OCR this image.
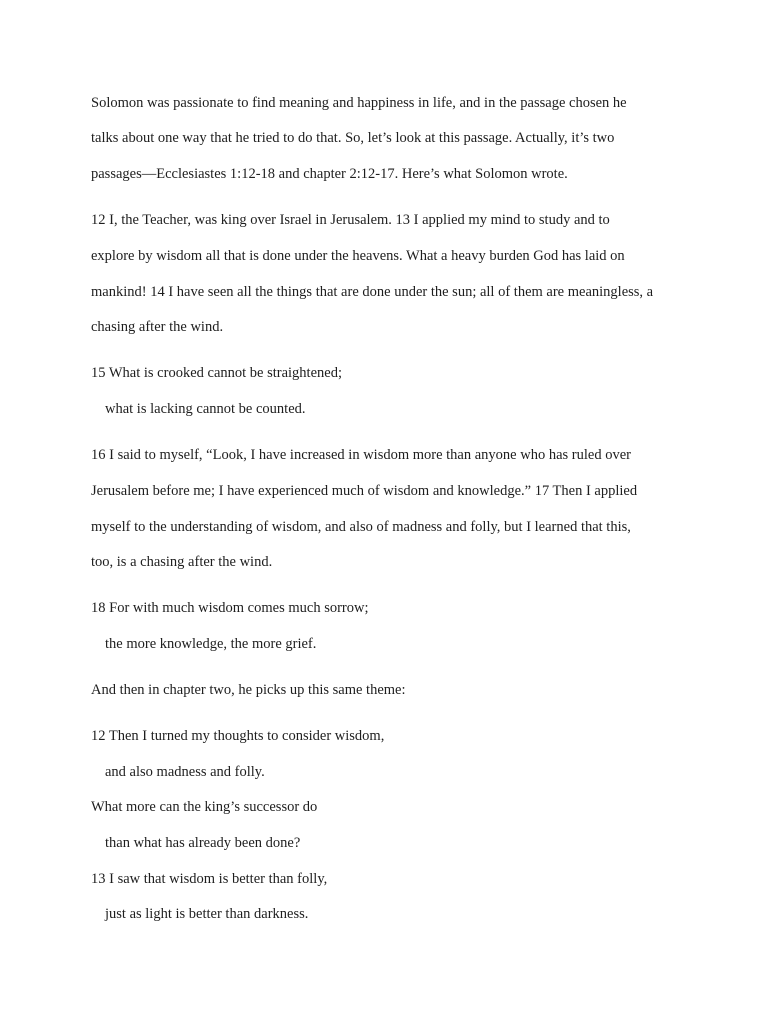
Solomon was passionate to find meaning and happiness in life, and in the passage chosen he
talks about one way that he tried to do that. So, let’s look at this passage. Actually, it’s two
passages—Ecclesiastes 1:12-18 and chapter 2:12-17. Here’s what Solomon wrote.
12 I, the Teacher, was king over Israel in Jerusalem. 13 I applied my mind to study and to
explore by wisdom all that is done under the heavens. What a heavy burden God has laid on
mankind! 14 I have seen all the things that are done under the sun; all of them are meaningless, a
chasing after the wind.
15 What is crooked cannot be straightened;
what is lacking cannot be counted.
16 I said to myself, “Look, I have increased in wisdom more than anyone who has ruled over
Jerusalem before me; I have experienced much of wisdom and knowledge.” 17 Then I applied
myself to the understanding of wisdom, and also of madness and folly, but I learned that this,
too, is a chasing after the wind.
18 For with much wisdom comes much sorrow;
the more knowledge, the more grief.
And then in chapter two, he picks up this same theme:
12 Then I turned my thoughts to consider wisdom,
and also madness and folly.
What more can the king’s successor do
than what has already been done?
13 I saw that wisdom is better than folly,
just as light is better than darkness.
